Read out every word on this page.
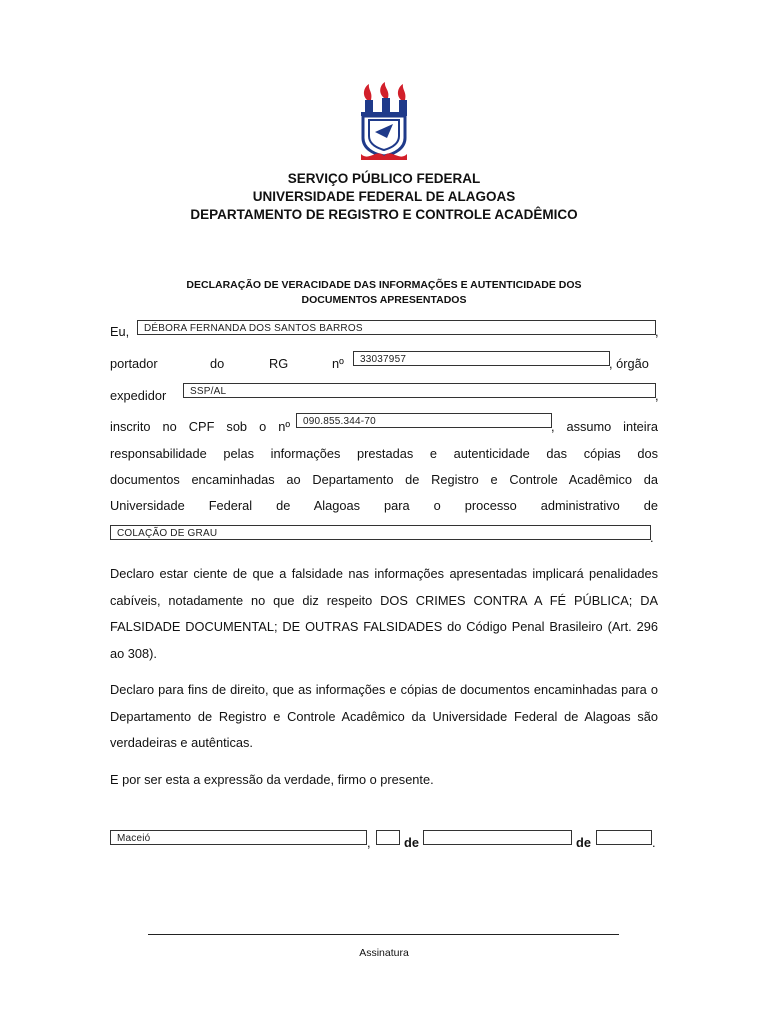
SERVIÇO PÚBLICO FEDERAL
UNIVERSIDADE FEDERAL DE ALAGOAS
DEPARTAMENTO DE REGISTRO E CONTROLE ACADÊMICO
DECLARAÇÃO DE VERACIDADE DAS INFORMAÇÕES E AUTENTICIDADE DOS
DOCUMENTOS APRESENTADOS
Eu,	DÉBORA FERNANDA DOS SANTOS BARROS	,
portador	do	RG	nº	33037957	, órgão
expedidor	SSP/AL	,
inscrito no CPF sob o nº	090.855.344-70	, assumo inteira
responsabilidade pelas informações prestadas e autenticidade das cópias dos
documentos encaminhadas ao Departamento de Registro e Controle Acadêmico da
Universidade Federal de Alagoas para o processo administrativo de
COLAÇÃO DE GRAU	.
Declaro estar ciente de que a falsidade nas informações apresentadas implicará penalidades cabíveis, notadamente no que diz respeito DOS CRIMES CONTRA A FÉ PÚBLICA; DA FALSIDADE DOCUMENTAL; DE OUTRAS FALSIDADES do Código Penal Brasileiro (Art. 296 ao 308).
Declaro para fins de direito, que as informações e cópias de documentos encaminhadas para o Departamento de Registro e Controle Acadêmico da Universidade Federal de Alagoas são verdadeiras e autênticas.
E por ser esta a expressão da verdade, firmo o presente.
Maceió	,	de	de	.
Assinatura
